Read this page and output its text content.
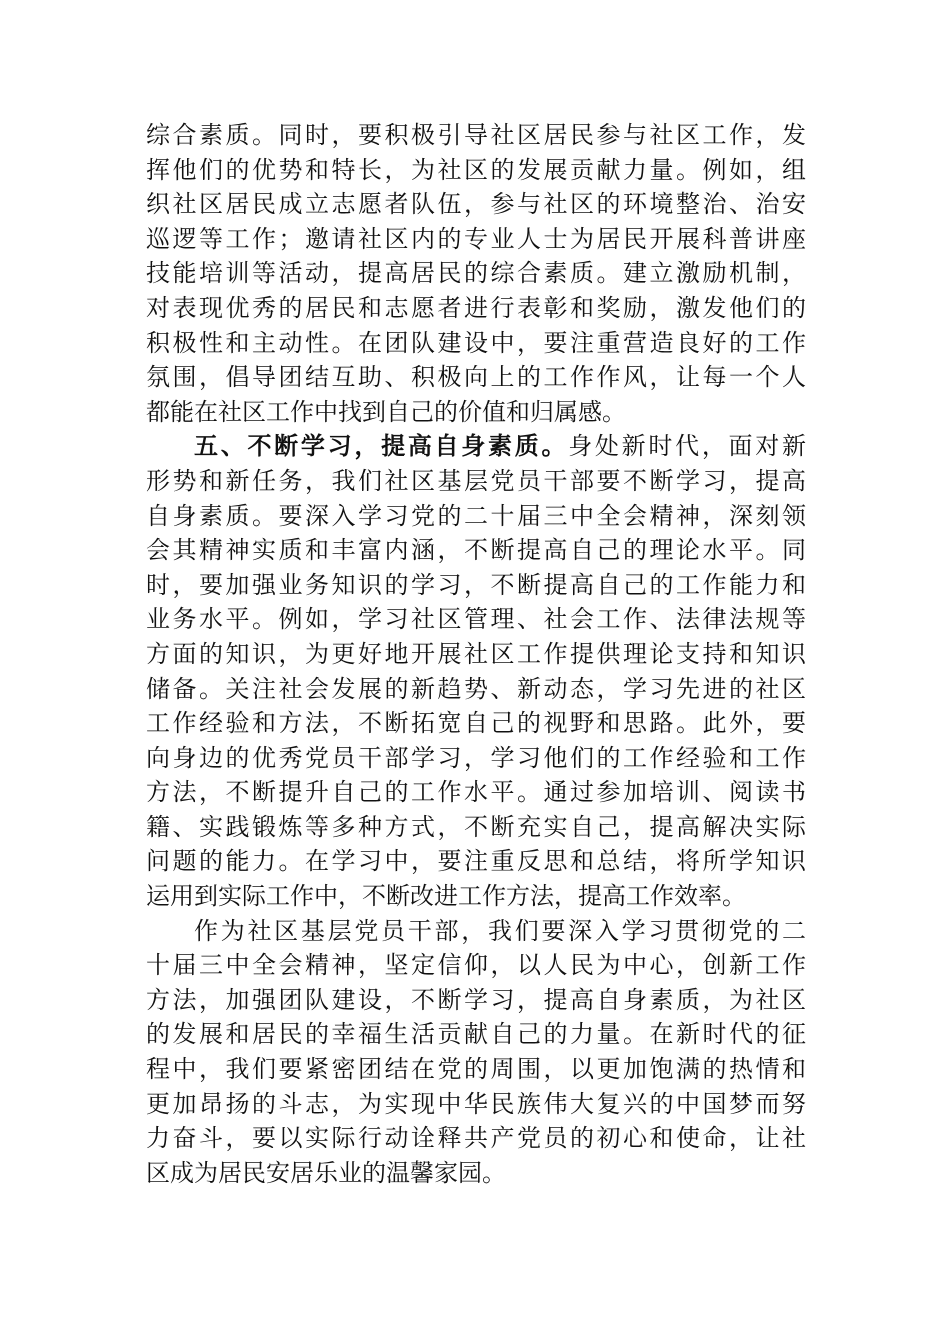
综合素质。同时，要积极引导社区居民参与社区工作，发
挥他们的优势和特长，为社区的发展贡献力量。例如，组
织社区居民成立志愿者队伍，参与社区的环境整治、治安
巡逻等工作；邀请社区内的专业人士为居民开展科普讲座
技能培训等活动，提高居民的综合素质。建立激励机制，
对表现优秀的居民和志愿者进行表彰和奖励，激发他们的
积极性和主动性。在团队建设中，要注重营造良好的工作
氛围，倡导团结互助、积极向上的工作作风，让每一个人
都能在社区工作中找到自己的价值和归属感。
五、不断学习，提高自身素质。身处新时代，面对新
形势和新任务，我们社区基层党员干部要不断学习，提高
自身素质。要深入学习党的二十届三中全会精神，深刻领
会其精神实质和丰富内涵，不断提高自己的理论水平。同
时，要加强业务知识的学习，不断提高自己的工作能力和
业务水平。例如，学习社区管理、社会工作、法律法规等
方面的知识，为更好地开展社区工作提供理论支持和知识
储备。关注社会发展的新趋势、新动态，学习先进的社区
工作经验和方法，不断拓宽自己的视野和思路。此外，要
向身边的优秀党员干部学习，学习他们的工作经验和工作
方法，不断提升自己的工作水平。通过参加培训、阅读书
籍、实践锻炼等多种方式，不断充实自己，提高解决实际
问题的能力。在学习中，要注重反思和总结，将所学知识
运用到实际工作中，不断改进工作方法，提高工作效率。
作为社区基层党员干部，我们要深入学习贯彻党的二
十届三中全会精神，坚定信仰，以人民为中心，创新工作
方法，加强团队建设，不断学习，提高自身素质，为社区
的发展和居民的幸福生活贡献自己的力量。在新时代的征
程中，我们要紧密团结在党的周围，以更加饱满的热情和
更加昂扬的斗志，为实现中华民族伟大复兴的中国梦而努
力奋斗，要以实际行动诠释共产党员的初心和使命，让社
区成为居民安居乐业的温馨家园。
